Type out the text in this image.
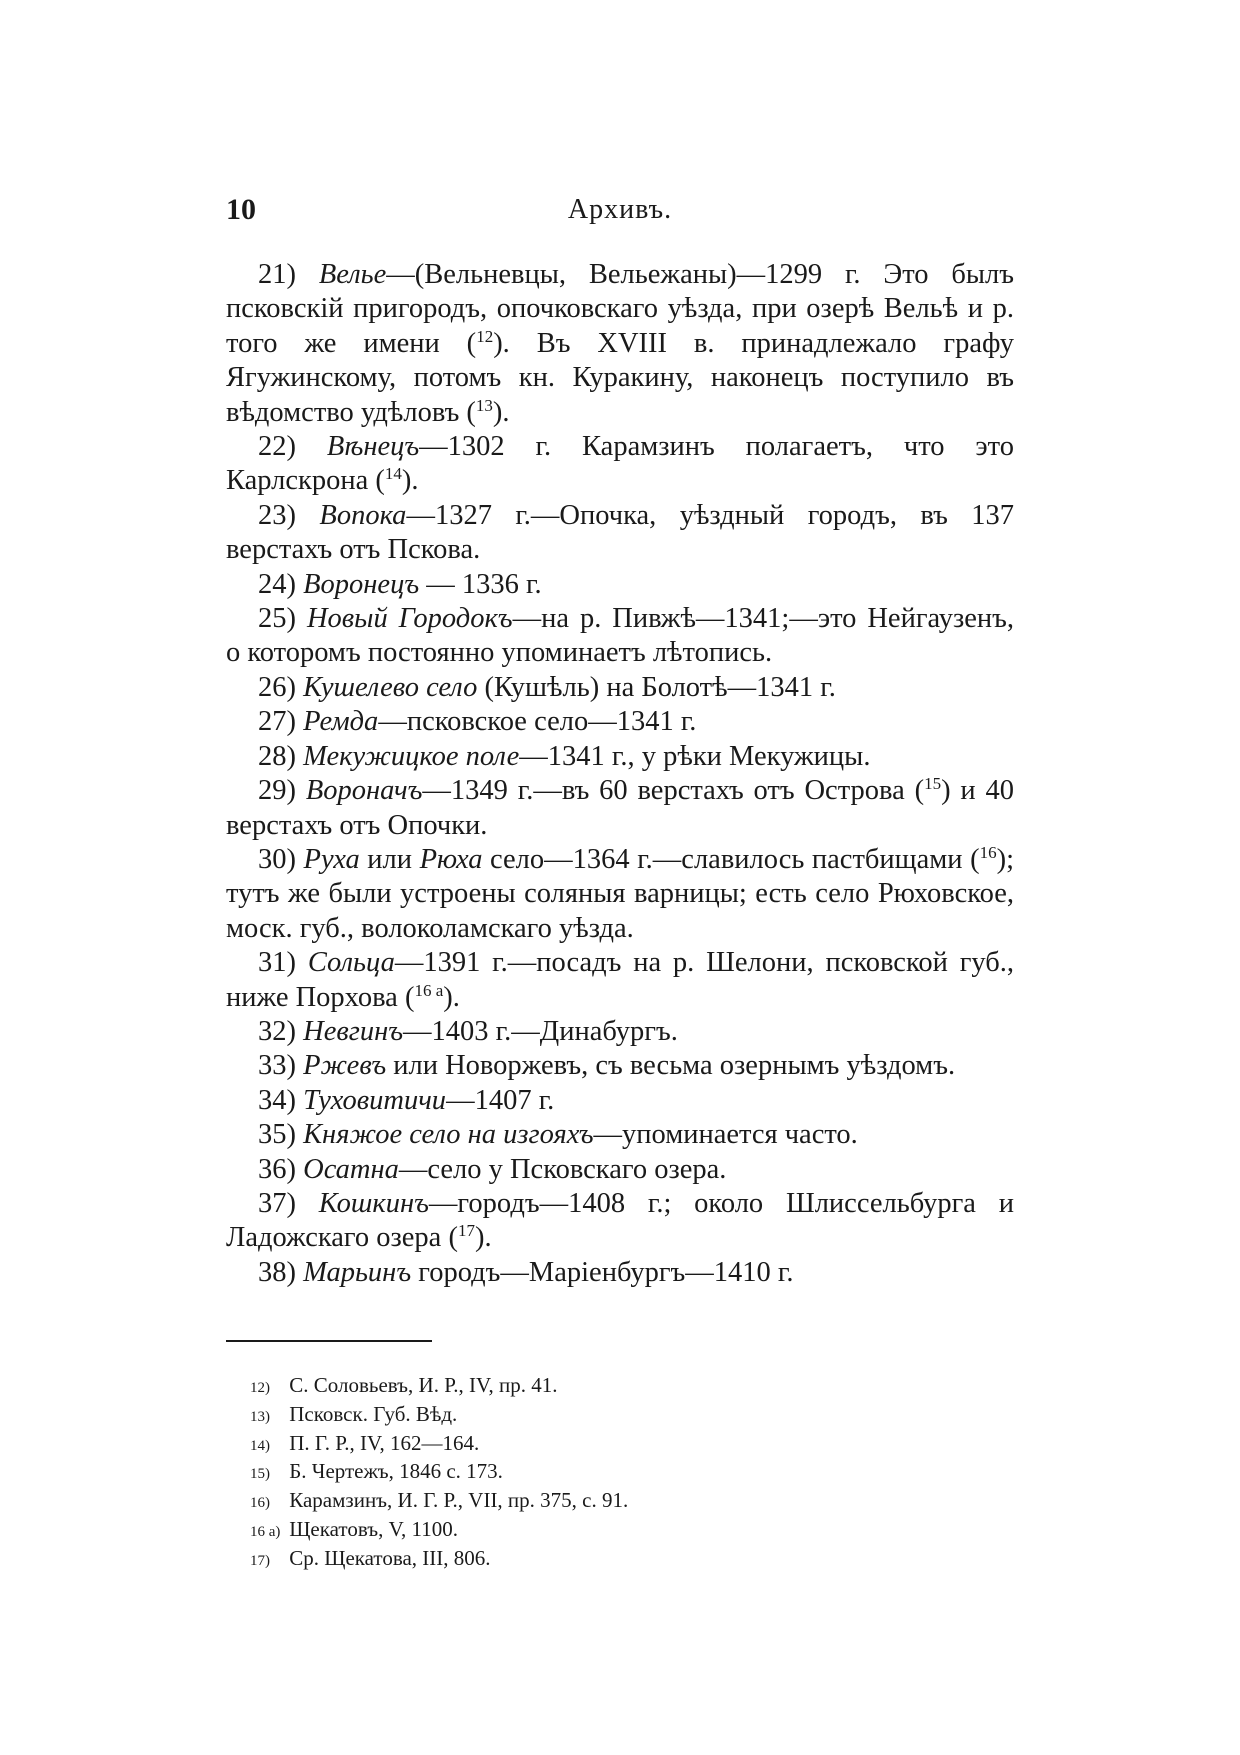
10	Архивъ.

21) Велье—(Вельневцы, Вельежаны)—1299 г. Это былъ псковскій пригородъ, опочковскаго уѣзда, при озерѣ Вельѣ и р. того же имени ($^{12}$). Въ XVIII в. принадлежало графу Ягужинскому, потомъ кн. Куракину, наконецъ поступило въ вѣдомство удѣловъ ($^{13}$).

22) Вѣнецъ—1302 г. Карамзинъ полагаетъ, что это Карлскрона ($^{14}$).

23) Вопока—1327 г.—Опочка, уѣздный городъ, въ 137 верстахъ отъ Пскова.

24) Воронецъ — 1336 г.

25) Новый Городокъ—на р. Пивжѣ—1341;—это Нейгаузенъ, о которомъ постоянно упоминаетъ лѣтопись.

26) Кушелево село (Кушѣль) на Болотѣ—1341 г.

27) Ремда—псковское село—1341 г.

28) Мекужицкое поле—1341 г., у рѣки Мекужицы.

29) Вороначъ—1349 г.—въ 60 верстахъ отъ Острова ($^{15}$) и 40 верстахъ отъ Опочки.

30) Руха или Рюха село—1364 г.—славилось пастбищами ($^{16}$); тутъ же были устроены соляныя варницы; есть село Рюховское, моск. губ., волоколамскаго уѣзда.

31) Сольца—1391 г.—посадъ на р. Шелони, псковской губ., ниже Порхова ($^{16 а}$).

32) Невгинъ—1403 г.—Динабургъ.

33) Ржевъ или Новоржевъ, съ весьма озернымъ уѣздомъ.

34) Туховитичи—1407 г.

35) Княжое село на изгояхъ—упоминается часто.

36) Осатна—село у Псковскаго озера.

37) Кошкинъ—городъ—1408 г.; около Шлиссельбурга и Ладожскаго озера ($^{17}$).

38) Марьинъ городъ—Маріенбургъ—1410 г.

12) С. Соловьевъ, И. Р., IV, пр. 41.

13) Псковск. Губ. Вѣд.

14) П. Г. Р., IV, 162—164.

15) Б. Чертежъ, 1846 с. 173.

16) Карамзинъ, И. Г. Р., VII, пр. 375, с. 91.

16 а) Щекатовъ, V, 1100.

17) Ср. Щекатова, III, 806.
